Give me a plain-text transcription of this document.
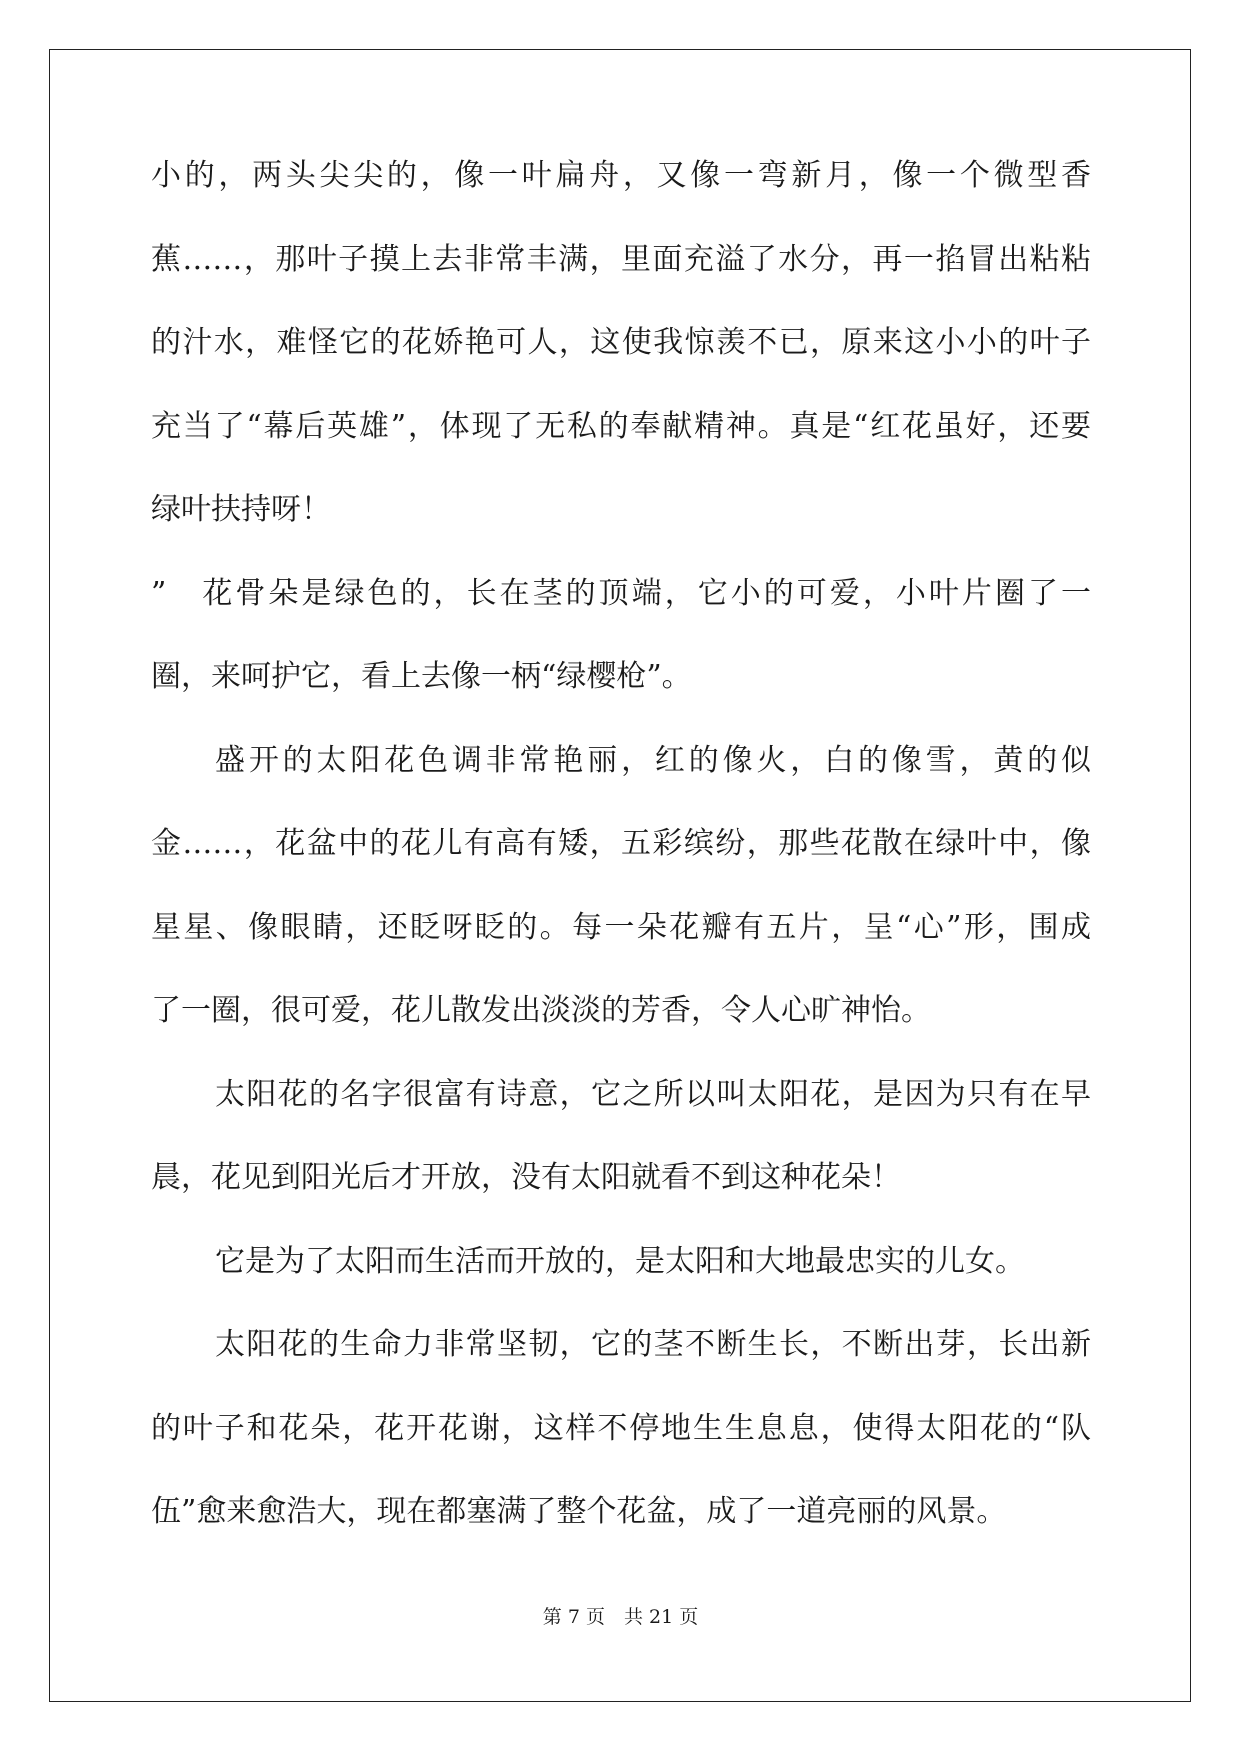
小的，两头尖尖的，像一叶扁舟，又像一弯新月，像一个微型香
蕉……，那叶子摸上去非常丰满，里面充溢了水分，再一掐冒出粘粘
的汁水，难怪它的花娇艳可人，这使我惊羡不已，原来这小小的叶子
充当了“幕后英雄”，体现了无私的奉献精神。真是“红花虽好，还要
绿叶扶持呀！
”　花骨朵是绿色的，长在茎的顶端，它小的可爱，小叶片圈了一
圈，来呵护它，看上去像一柄“绿樱枪”。
盛开的太阳花色调非常艳丽，红的像火，白的像雪，黄的似
金……，花盆中的花儿有高有矮，五彩缤纷，那些花散在绿叶中，像
星星、像眼睛，还眨呀眨的。每一朵花瓣有五片，呈“心”形，围成
了一圈，很可爱，花儿散发出淡淡的芳香，令人心旷神怡。
太阳花的名字很富有诗意，它之所以叫太阳花，是因为只有在早
晨，花见到阳光后才开放，没有太阳就看不到这种花朵！
它是为了太阳而生活而开放的，是太阳和大地最忠实的儿女。
太阳花的生命力非常坚韧，它的茎不断生长，不断出芽，长出新
的叶子和花朵，花开花谢，这样不停地生生息息，使得太阳花的“队
伍”愈来愈浩大，现在都塞满了整个花盆，成了一道亮丽的风景。
第 7 页　共 21 页
